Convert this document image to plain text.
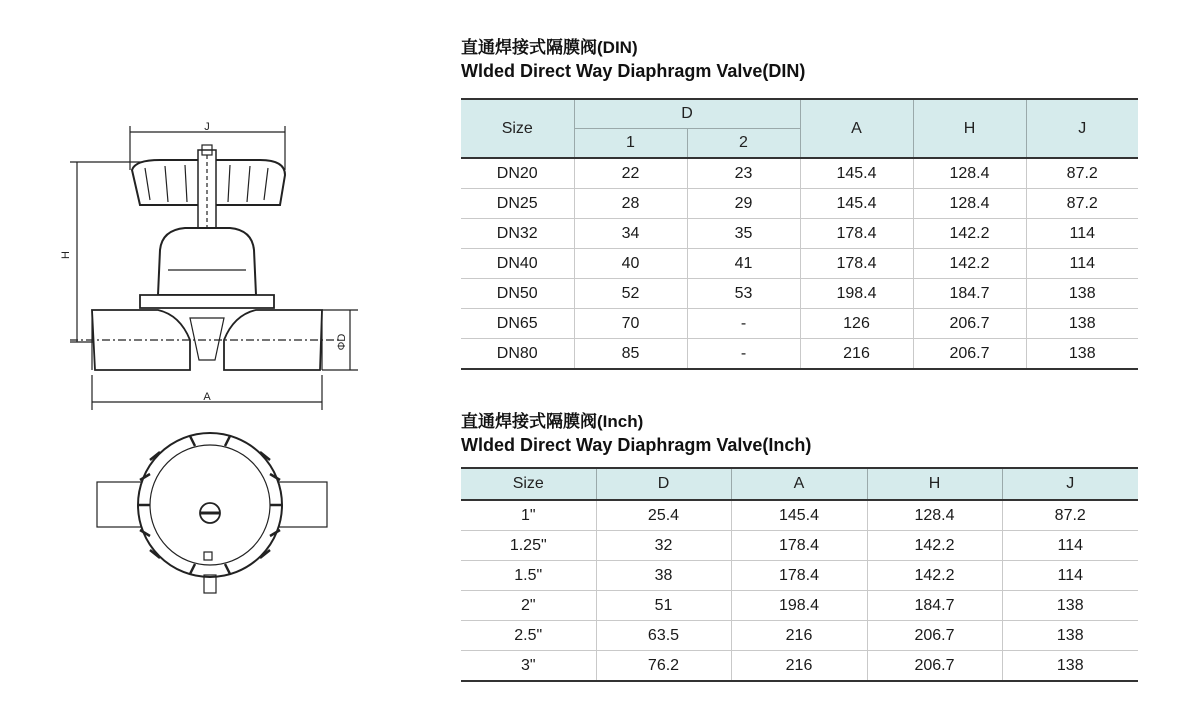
J
H
A
ΦD
直通焊接式隔膜阀(DIN)
Wlded Direct Way Diaphragm Valve(DIN)
Size	D		A	H	J
	1	2			
DN20	22	23	145.4	128.4	87.2
DN25	28	29	145.4	128.4	87.2
DN32	34	35	178.4	142.2	114
DN40	40	41	178.4	142.2	114
DN50	52	53	198.4	184.7	138
DN65	70	-	126	206.7	138
DN80	85	-	216	206.7	138
直通焊接式隔膜阀(Inch)
Wlded Direct Way Diaphragm Valve(Inch)
Size	D	A	H	J
1"	25.4	145.4	128.4	87.2
1.25"	32	178.4	142.2	114
1.5"	38	178.4	142.2	114
2"	51	198.4	184.7	138
2.5"	63.5	216	206.7	138
3"	76.2	216	206.7	138
